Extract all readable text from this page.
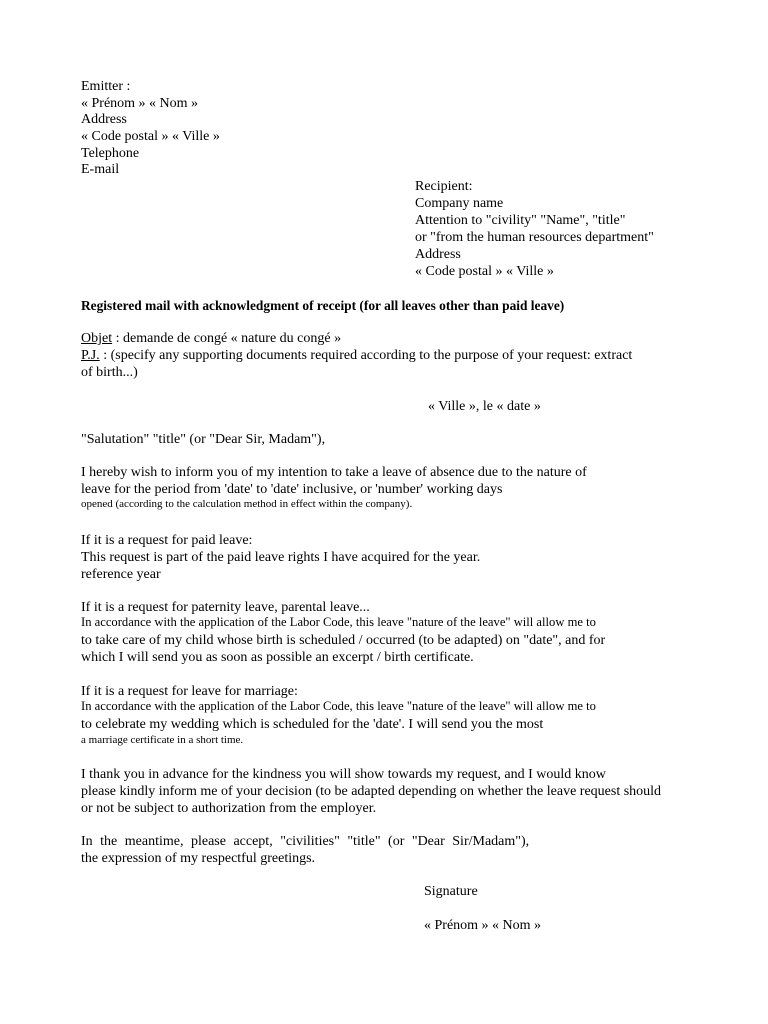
Emitter :
« Prénom » « Nom »
Address
« Code postal » « Ville »
Telephone
E-mail
Recipient:
Company name
Attention to "civility" "Name", "title"
or "from the human resources department"
Address
« Code postal » « Ville »
Registered mail with acknowledgment of receipt (for all leaves other than paid leave)
Objet : demande de congé « nature du congé »
P.J. : (specify any supporting documents required according to the purpose of your request: extract
of birth...)
« Ville », le « date »
"Salutation" "title" (or "Dear Sir, Madam"),
I hereby wish to inform you of my intention to take a leave of absence due to the nature of
leave for the period from 'date' to 'date' inclusive, or 'number' working days
opened (according to the calculation method in effect within the company).
If it is a request for paid leave:
This request is part of the paid leave rights I have acquired for the year.
reference year
If it is a request for paternity leave, parental leave...
In accordance with the application of the Labor Code, this leave "nature of the leave" will allow me to
to take care of my child whose birth is scheduled / occurred (to be adapted) on "date", and for
which I will send you as soon as possible an excerpt / birth certificate.
If it is a request for leave for marriage:
In accordance with the application of the Labor Code, this leave "nature of the leave" will allow me to
to celebrate my wedding which is scheduled for the 'date'. I will send you the most
a marriage certificate in a short time.
I thank you in advance for the kindness you will show towards my request, and I would know
please kindly inform me of your decision (to be adapted depending on whether the leave request should
or not be subject to authorization from the employer.
In the meantime, please accept, "civilities" "title" (or "Dear Sir/Madam"),
the expression of my respectful greetings.
Signature
« Prénom » « Nom »
